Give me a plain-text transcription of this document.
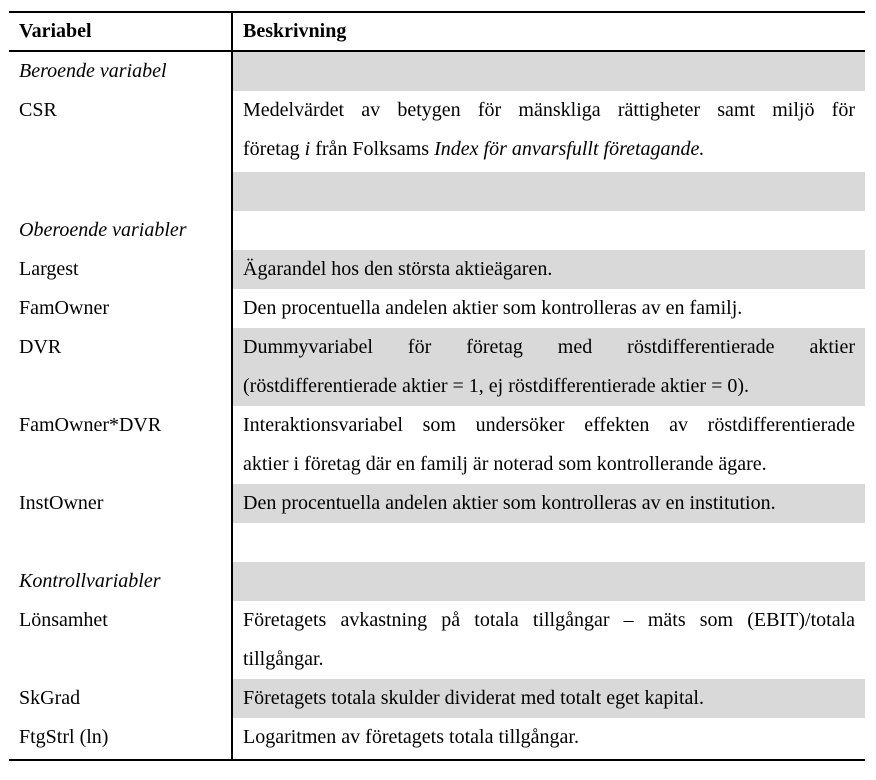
Variabel	Beskrivning
Beroende variabel
CSR	Medelvärdet av betygen för mänskliga rättigheter samt miljö för
företag i från Folksams Index för anvarsfullt företagande.
Oberoende variabler
Largest	Ägarandel hos den största aktieägaren.
FamOwner	Den procentuella andelen aktier som kontrolleras av en familj.
DVR	Dummyvariabel för företag med röstdifferentierade aktier
(röstdifferentierade aktier = 1, ej röstdifferentierade aktier = 0).
FamOwner*DVR	Interaktionsvariabel som undersöker effekten av röstdifferentierade
aktier i företag där en familj är noterad som kontrollerande ägare.
InstOwner	Den procentuella andelen aktier som kontrolleras av en institution.
Kontrollvariabler
Lönsamhet	Företagets avkastning på totala tillgångar – mäts som (EBIT)/totala
tillgångar.
SkGrad	Företagets totala skulder dividerat med totalt eget kapital.
FtgStrl (ln)	Logaritmen av företagets totala tillgångar.
